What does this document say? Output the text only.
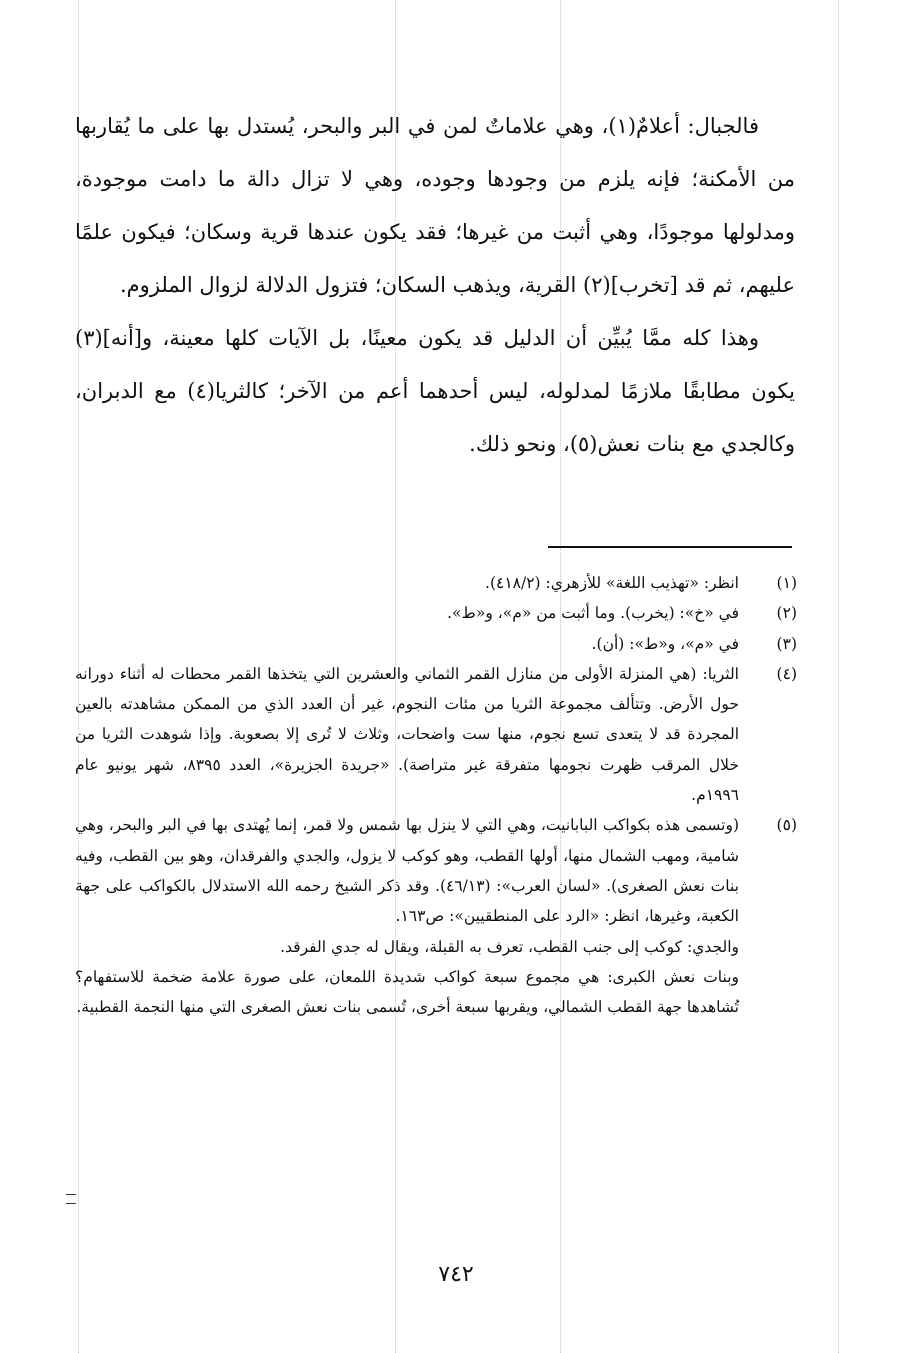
فالجبال: أعلامٌ(١)، وهي علاماتٌ لمن في البر والبحر، يُستدل بها على ما يُقاربها من الأمكنة؛ فإنه يلزم من وجودها وجوده، وهي لا تزال دالة ما دامت موجودة، ومدلولها موجودًا، وهي أثبت من غيرها؛ فقد يكون عندها قرية وسكان؛ فيكون علمًا عليهم، ثم قد [تخرب](٢) القرية، ويذهب السكان؛ فتزول الدلالة لزوال الملزوم.

وهذا كله ممَّا يُبيِّن أن الدليل قد يكون معينًا، بل الآيات كلها معينة، و[أنه](٣) يكون مطابقًا ملازمًا لمدلوله، ليس أحدهما أعم من الآخر؛ كالثريا(٤) مع الدبران، وكالجدي مع بنات نعش(٥)، ونحو ذلك.

(١)
انظر: «تهذيب اللغة» للأزهري: (٤١٨/٢).
(٢)
في «خ»: (يخرب). وما أثبت من «م»، و«ط».
(٣)
في «م»، و«ط»: (أن).
(٤)
الثريا: (هي المنزلة الأولى من منازل القمر الثماني والعشرين التي يتخذها القمر محطات له أثناء دورانه حول الأرض. وتتألف مجموعة الثريا من مئات النجوم، غير أن العدد الذي من الممكن مشاهدته بالعين المجردة قد لا يتعدى تسع نجوم، منها ست واضحات، وثلاث لا تُرى إلا بصعوبة. وإذا شوهدت الثريا من خلال المرقب ظهرت نجومها متفرقة غير متراصة). «جريدة الجزيرة»، العدد ٨٣٩٥، شهر يونيو عام ١٩٩٦م.
(٥)
(وتسمى هذه بكواكب البابانيت، وهي التي لا ينزل بها شمس ولا قمر، إنما يُهتدى بها في البر والبحر، وهي شامية، ومهب الشمال منها، أولها القطب، وهو كوكب لا يزول، والجدي والفرقدان، وهو بين القطب، وفيه بنات نعش الصغرى). «لسان العرب»: (٤٦/١٣). وقد ذكر الشيخ رحمه الله الاستدلال بالكواكب على جهة الكعبة، وغيرها، انظر: «الرد على المنطقيين»: ص١٦٣.
والجدي: كوكب إلى جنب القطب، تعرف به القبلة، ويقال له جدي الفرقد.
وبنات نعش الكبرى: هي مجموع سبعة كواكب شديدة اللمعان، على صورة علامة ضخمة للاستفهام؟ تُشاهدها جهة القطب الشمالي، ويقربها سبعة أخرى، تُسمى بنات نعش الصغرى التي منها النجمة القطبية.
٧٤٢
